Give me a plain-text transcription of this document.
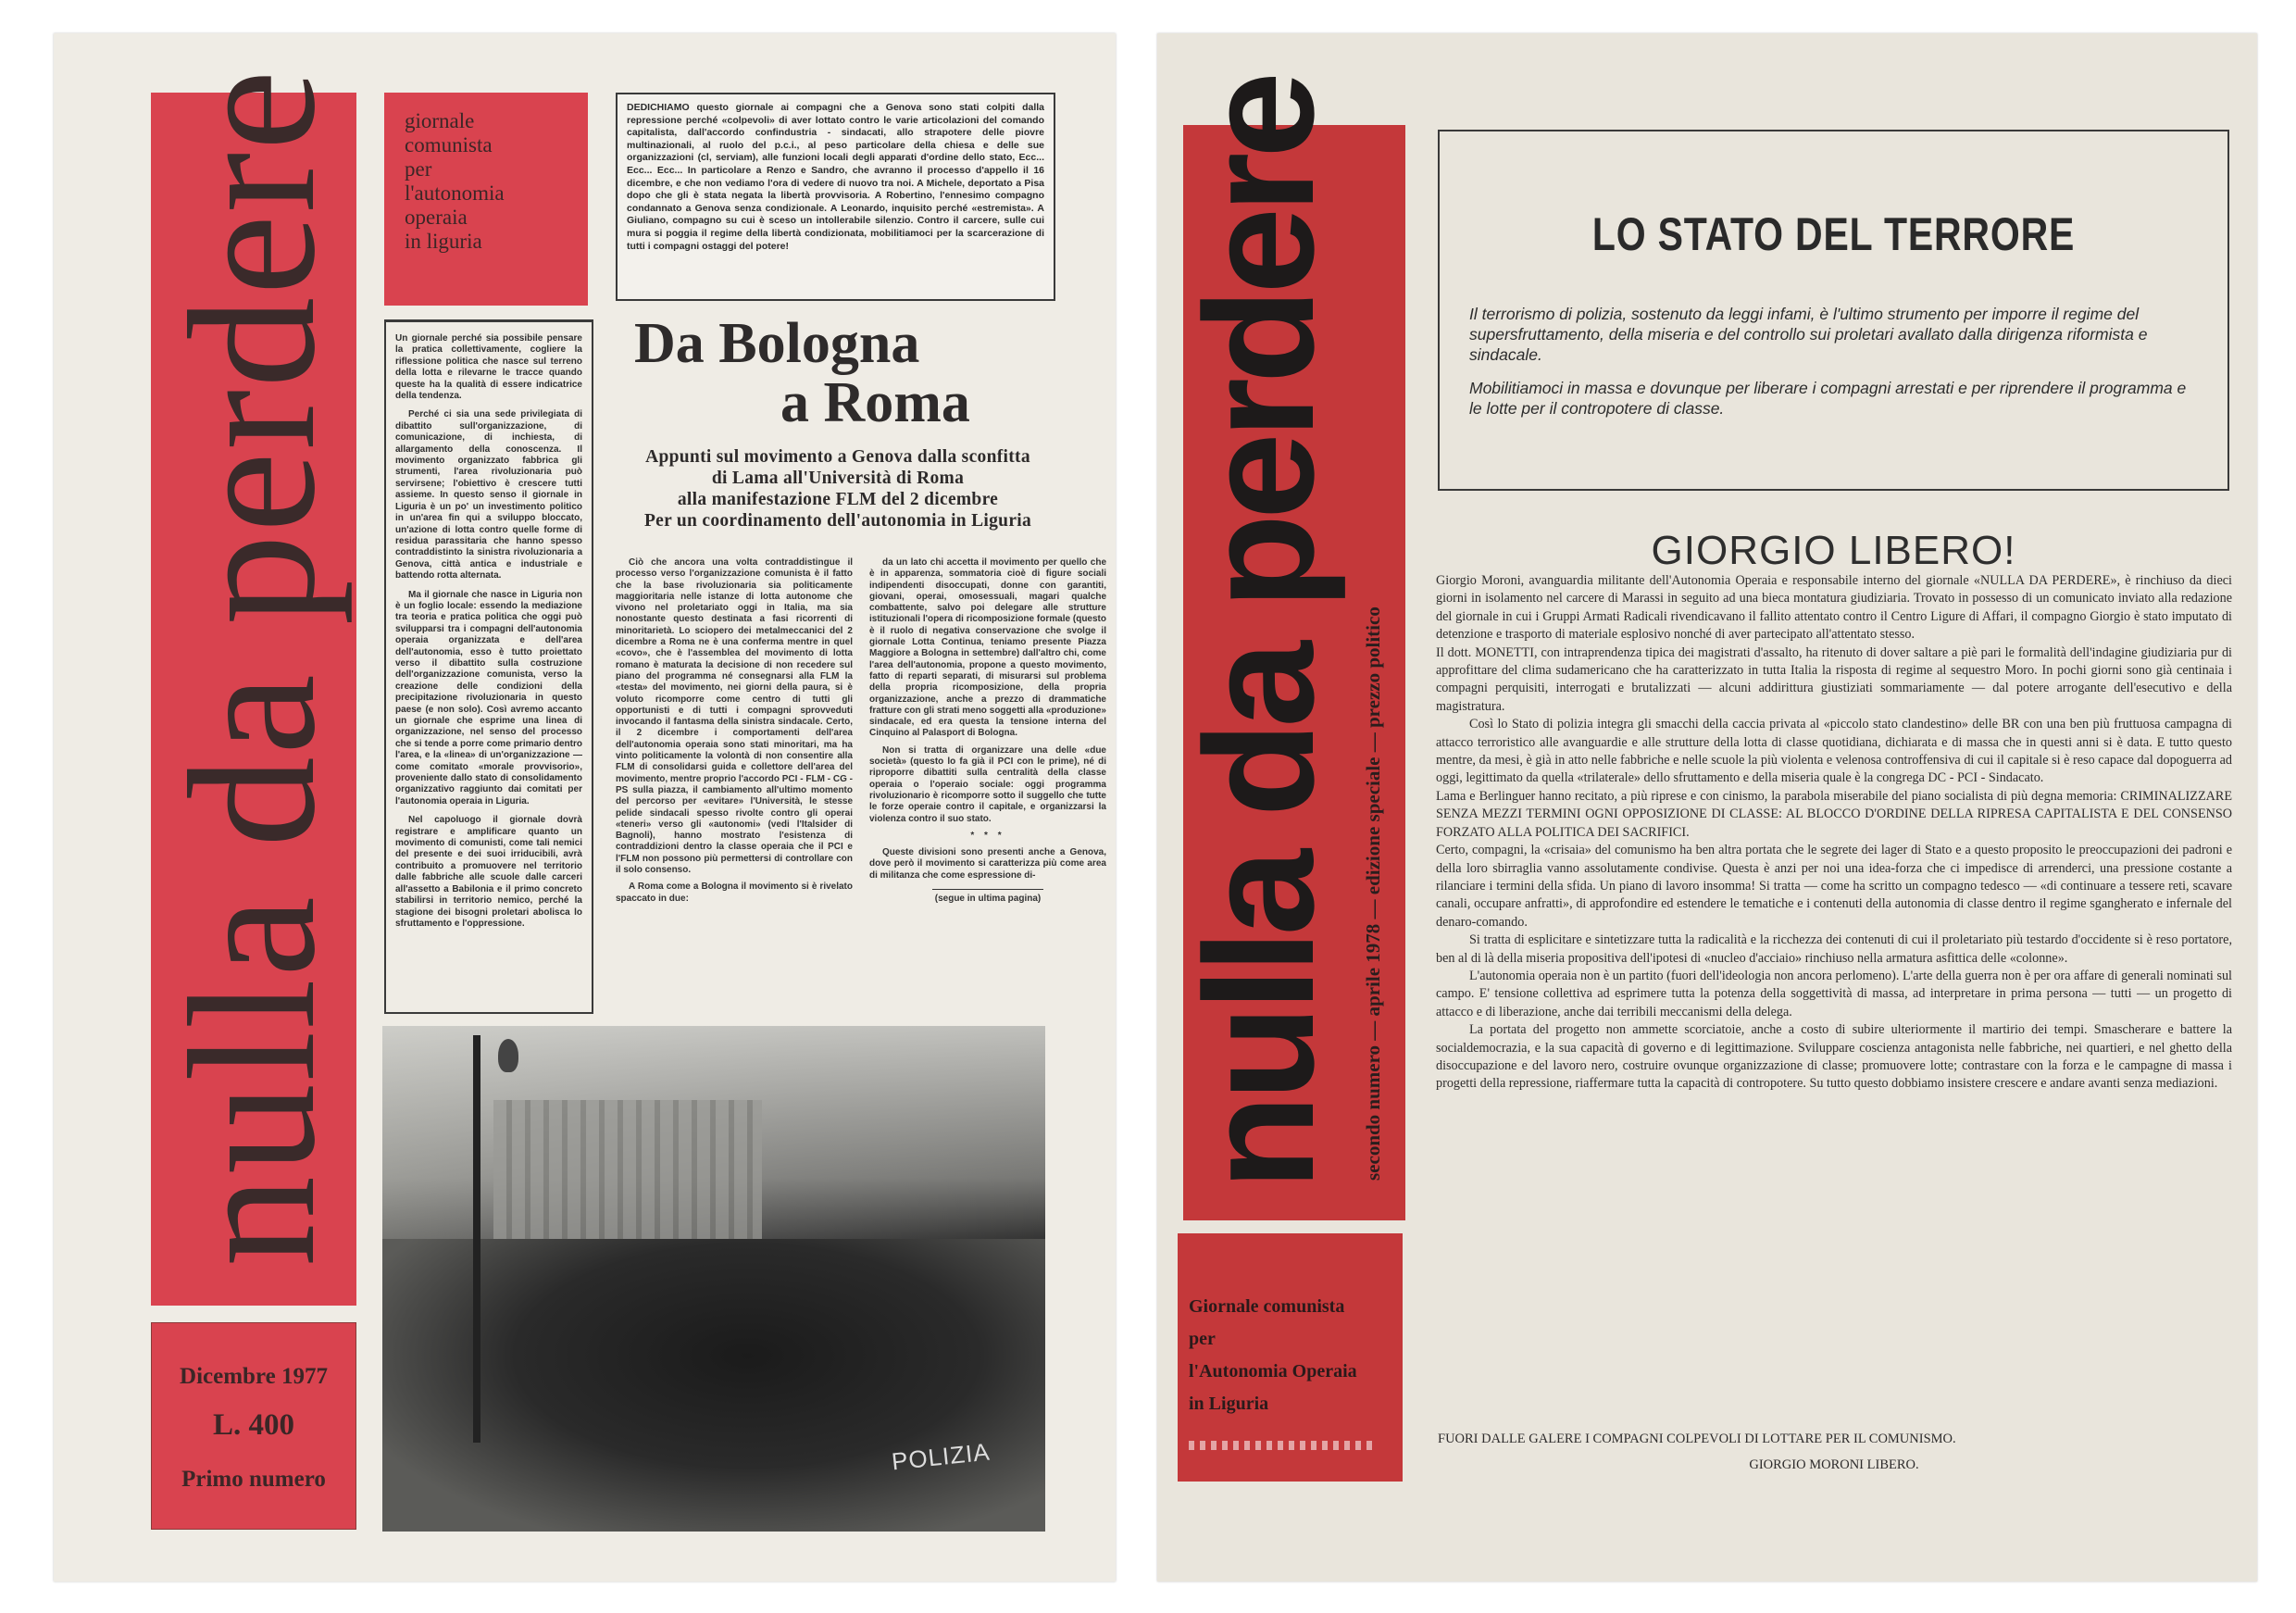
nulla da perdere
Dicembre 1977
L. 400
Primo numero
giornale
comunista
per
l'autonomia
operaia
in liguria
DEDICHIAMO questo giornale ai compagni che a Genova sono stati colpiti dalla repressione perché «colpevoli» di aver lottato contro le varie articolazioni del comando capitalista, dall'accordo confindustria - sindacati, allo strapotere delle piovre multinazionali, al ruolo del p.c.i., al peso particolare della chiesa e delle sue organizzazioni (cl, serviam), alle funzioni locali degli apparati d'ordine dello stato, Ecc... Ecc... Ecc... In particolare a Renzo e Sandro, che avranno il processo d'appello il 16 dicembre, e che non vediamo l'ora di vedere di nuovo tra noi. A Michele, deportato a Pisa dopo che gli è stata negata la libertà provvisoria. A Robertino, l'ennesimo compagno condannato a Genova senza condizionale. A Leonardo, inquisito perché «estremista». A Giuliano, compagno su cui è sceso un intollerabile silenzio. Contro il carcere, sulle cui mura si poggia il regime della libertà condizionata, mobilitiamoci per la scarcerazione di tutti i compagni ostaggi del potere!

Un giornale perché sia possibile pensare la pratica collettivamente, cogliere la riflessione politica che nasce sul terreno della lotta e rilevarne le tracce quando queste ha la qualità di essere indicatrice della tendenza.

Perché ci sia una sede privilegiata di dibattito sull'organizzazione, di comunicazione, di inchiesta, di allargamento della conoscenza. Il movimento organizzato fabbrica gli strumenti, l'area rivoluzionaria può servirsene; l'obiettivo è crescere tutti assieme. In questo senso il giornale in Liguria è un po' un investimento politico in un'area fin qui a sviluppo bloccato, un'azione di lotta contro quelle forme di residua parassitaria che hanno spesso contraddistinto la sinistra rivoluzionaria a Genova, città antica e industriale e battendo rotta alternata.

Ma il giornale che nasce in Liguria non è un foglio locale: essendo la mediazione tra teoria e pratica politica che oggi può svilupparsi tra i compagni dell'autonomia operaia organizzata e dell'area dell'autonomia, esso è tutto proiettato verso il dibattito sulla costruzione dell'organizzazione comunista, verso la creazione delle condizioni della precipitazione rivoluzionaria in questo paese (e non solo). Così avremo accanto un giornale che esprime una linea di organizzazione, nel senso del processo che si tende a porre come primario dentro l'area, e la «linea» di un'organizzazione — come comitato «morale provvisorio», proveniente dallo stato di consolidamento organizzativo raggiunto dai comitati per l'autonomia operaia in Liguria.

Nel capoluogo il giornale dovrà registrare e amplificare quanto un movimento di comunisti, come tali nemici del presente e dei suoi irriducibili, avrà contribuito a promuovere nel territorio dalle fabbriche alle scuole dalle carceri all'assetto a Babilonia e il primo concreto stabilirsi in territorio nemico, perché la stagione dei bisogni proletari abolisca lo sfruttamento e l'oppressione.

Da Bologna
a Roma
Appunti sul movimento a Genova dalla sconfitta
di Lama all'Università di Roma
alla manifestazione FLM del 2 dicembre
Per un coordinamento dell'autonomia in Liguria

Ciò che ancora una volta contraddistingue il processo verso l'organizzazione comunista è il fatto che la base rivoluzionaria sia politicamente maggioritaria nelle istanze di lotta autonome che vivono nel proletariato oggi in Italia, ma sia nonostante questo destinata a fasi ricorrenti di minoritarietà. Lo sciopero dei metalmeccanici del 2 dicembre a Roma ne è una conferma mentre in quel «covo», che è l'assemblea del movimento di lotta romano è maturata la decisione di non recedere sul piano del programma né consegnarsi alla FLM la «testa» del movimento, nei giorni della paura, si è voluto ricomporre come centro di tutti gli opportunisti e di tutti i compagni sprovveduti invocando il fantasma della sinistra sindacale. Certo, il 2 dicembre i comportamenti dell'area dell'autonomia operaia sono stati minoritari, ma ha vinto politicamente la volontà di non consentire alla FLM di consolidarsi guida e collettore dell'area del movimento, mentre proprio l'accordo PCI - FLM - CG - PS sulla piazza, il cambiamento all'ultimo momento del percorso per «evitare» l'Università, le stesse pelide sindacali spesso rivolte contro gli operai «teneri» verso gli «autonomi» (vedi l'Italsider di Bagnoli), hanno mostrato l'esistenza di contraddizioni dentro la classe operaia che il PCI e l'FLM non possono più permettersi di controllare con il solo consenso.

A Roma come a Bologna il movimento si è rivelato spaccato in due:

da un lato chi accetta il movimento per quello che è in apparenza, sommatoria cioè di figure sociali indipendenti disoccupati, donne con garantiti, giovani, operai, omosessuali, magari qualche combattente, salvo poi delegare alle strutture istituzionali l'opera di ricomposizione formale (questo è il ruolo di negativa conservazione che svolge il giornale Lotta Continua, teniamo presente Piazza Maggiore a Bologna in settembre) dall'altro chi, come l'area dell'autonomia, propone a questo movimento, fatto di reparti separati, di misurarsi sul problema della propria ricomposizione, della propria organizzazione, anche a prezzo di drammatiche fratture con gli strati meno soggetti alla «produzione» sindacale, ed era questa la tensione interna del Cinquino al Palasport di Bologna.

Non si tratta di organizzare una delle «due società» (questo lo fa già il PCI con le prime), né di riproporre dibattiti sulla centralità della classe operaia o l'operaio sociale: oggi programma rivoluzionario è ricomporre sotto il suggello che tutte le forze operaie contro il capitale, e organizzarsi la violenza contro il suo stato.

* * *

Queste divisioni sono presenti anche a Genova, dove però il movimento si caratterizza più come area di militanza che come espressione di-

(segue in ultima pagina)
POLIZIA
nulla da perdere secondo numero — aprile 1978 — edizione speciale — prezzo politico
Giornale comunista
per
l'Autonomia Operaia
in Liguria
LO STATO DEL TERRORE

Il terrorismo di polizia, sostenuto da leggi infami, è l'ultimo strumento per imporre il regime del supersfruttamento, della miseria e del controllo sui proletari avallato dalla dirigenza riformista e sindacale.

Mobilitiamoci in massa e dovunque per liberare i compagni arrestati e per riprendere il programma e le lotte per il contropotere di classe.

GIORGIO LIBERO!

Giorgio Moroni, avanguardia militante dell'Autonomia Operaia e responsabile interno del giornale «NULLA DA PERDERE», è rinchiuso da dieci giorni in isolamento nel carcere di Marassi in seguito ad una bieca montatura giudiziaria. Trovato in possesso di un comunicato inviato alla redazione del giornale in cui i Gruppi Armati Radicali rivendicavano il fallito attentato contro il Centro Ligure di Affari, il compagno Giorgio è stato imputato di detenzione e trasporto di materiale esplosivo nonché di aver partecipato all'attentato stesso.

Il dott. MONETTI, con intraprendenza tipica dei magistrati d'assalto, ha ritenuto di dover saltare a piè pari le formalità dell'indagine giudiziaria pur di approfittare del clima sudamericano che ha caratterizzato in tutta Italia la risposta di regime al sequestro Moro. In pochi giorni sono già centinaia i compagni perquisiti, interrogati e brutalizzati — alcuni addirittura giustiziati sommariamente — dal potere arrogante dell'esecutivo e della magistratura.

Così lo Stato di polizia integra gli smacchi della caccia privata al «piccolo stato clandestino» delle BR con una ben più fruttuosa campagna di attacco terroristico alle avanguardie e alle strutture della lotta di classe quotidiana, dichiarata e di massa che in questi anni si è data. E tutto questo mentre, da mesi, è già in atto nelle fabbriche e nelle scuole la più violenta e velenosa controffensiva di cui il capitale si è reso capace dal dopoguerra ad oggi, legittimato da quella «trilaterale» dello sfruttamento e della miseria quale è la congrega DC - PCI - Sindacato.

Lama e Berlinguer hanno recitato, a più riprese e con cinismo, la parabola miserabile del piano socialista di più degna memoria: CRIMINALIZZARE SENZA MEZZI TERMINI OGNI OPPOSIZIONE DI CLASSE: AL BLOCCO D'ORDINE DELLA RIPRESA CAPITALISTA E DEL CONSENSO FORZATO ALLA POLITICA DEI SACRIFICI.

Certo, compagni, la «crisaia» del comunismo ha ben altra portata che le segrete dei lager di Stato e a questo proposito le preoccupazioni dei padroni e della loro sbirraglia vanno assolutamente condivise. Questa è anzi per noi una idea-forza che ci impedisce di arrenderci, una pressione costante a rilanciare i termini della sfida. Un piano di lavoro insomma! Si tratta — come ha scritto un compagno tedesco — «di continuare a tessere reti, scavare canali, occupare anfratti», di approfondire ed estendere le tematiche e i contenuti della autonomia di classe dentro il regime sgangherato e infernale del denaro-comando.

Si tratta di esplicitare e sintetizzare tutta la radicalità e la ricchezza dei contenuti di cui il proletariato più testardo d'occidente si è reso portatore, ben al di là della miseria propositiva dell'ipotesi di «nucleo d'acciaio» rinchiuso nella armatura asfittica delle «colonne».

L'autonomia operaia non è un partito (fuori dell'ideologia non ancora perlomeno). L'arte della guerra non è per ora affare di generali nominati sul campo. E' tensione collettiva ad esprimere tutta la potenza della soggettività di massa, ad interpretare in prima persona — tutti — un progetto di attacco e di liberazione, anche dai terribili meccanismi della delega.

La portata del progetto non ammette scorciatoie, anche a costo di subire ulteriormente il martirio dei tempi. Smascherare e battere la socialdemocrazia, e la sua capacità di governo e di legittimazione. Sviluppare coscienza antagonista nelle fabbriche, nei quartieri, e nel ghetto della disoccupazione e del lavoro nero, costruire ovunque organizzazione di classe; promuovere lotte; contrastare con la forza e le campagne di massa i progetti della repressione, riaffermare tutta la capacità di contropotere. Su tutto questo dobbiamo insistere crescere e andare avanti senza mediazioni.

FUORI DALLE GALERE I COMPAGNI COLPEVOLI DI LOTTARE PER IL COMUNISMO.
GIORGIO MORONI LIBERO.
